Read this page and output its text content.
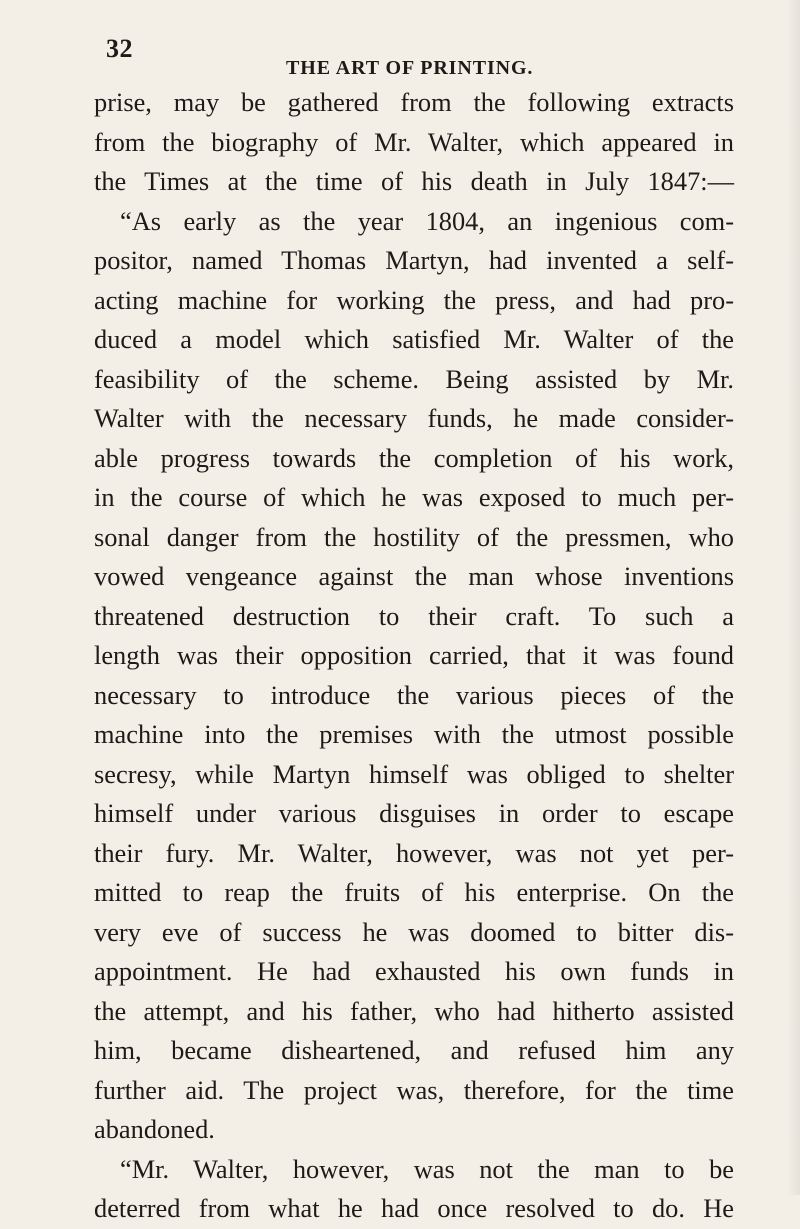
32
THE ART OF PRINTING.
prise, may be gathered from the following extracts
from the biography of Mr. Walter, which appeared in
the Times at the time of his death in July 1847:—
“As early as the year 1804, an ingenious com-
positor, named Thomas Martyn, had invented a self-
acting machine for working the press, and had pro-
duced a model which satisfied Mr. Walter of the
feasibility of the scheme. Being assisted by Mr.
Walter with the necessary funds, he made consider-
able progress towards the completion of his work,
in the course of which he was exposed to much per-
sonal danger from the hostility of the pressmen, who
vowed vengeance against the man whose inventions
threatened destruction to their craft. To such a
length was their opposition carried, that it was found
necessary to introduce the various pieces of the
machine into the premises with the utmost possible
secresy, while Martyn himself was obliged to shelter
himself under various disguises in order to escape
their fury. Mr. Walter, however, was not yet per-
mitted to reap the fruits of his enterprise. On the
very eve of success he was doomed to bitter dis-
appointment. He had exhausted his own funds in
the attempt, and his father, who had hitherto assisted
him, became disheartened, and refused him any
further aid. The project was, therefore, for the time
abandoned.
“Mr. Walter, however, was not the man to be
deterred from what he had once resolved to do. He
